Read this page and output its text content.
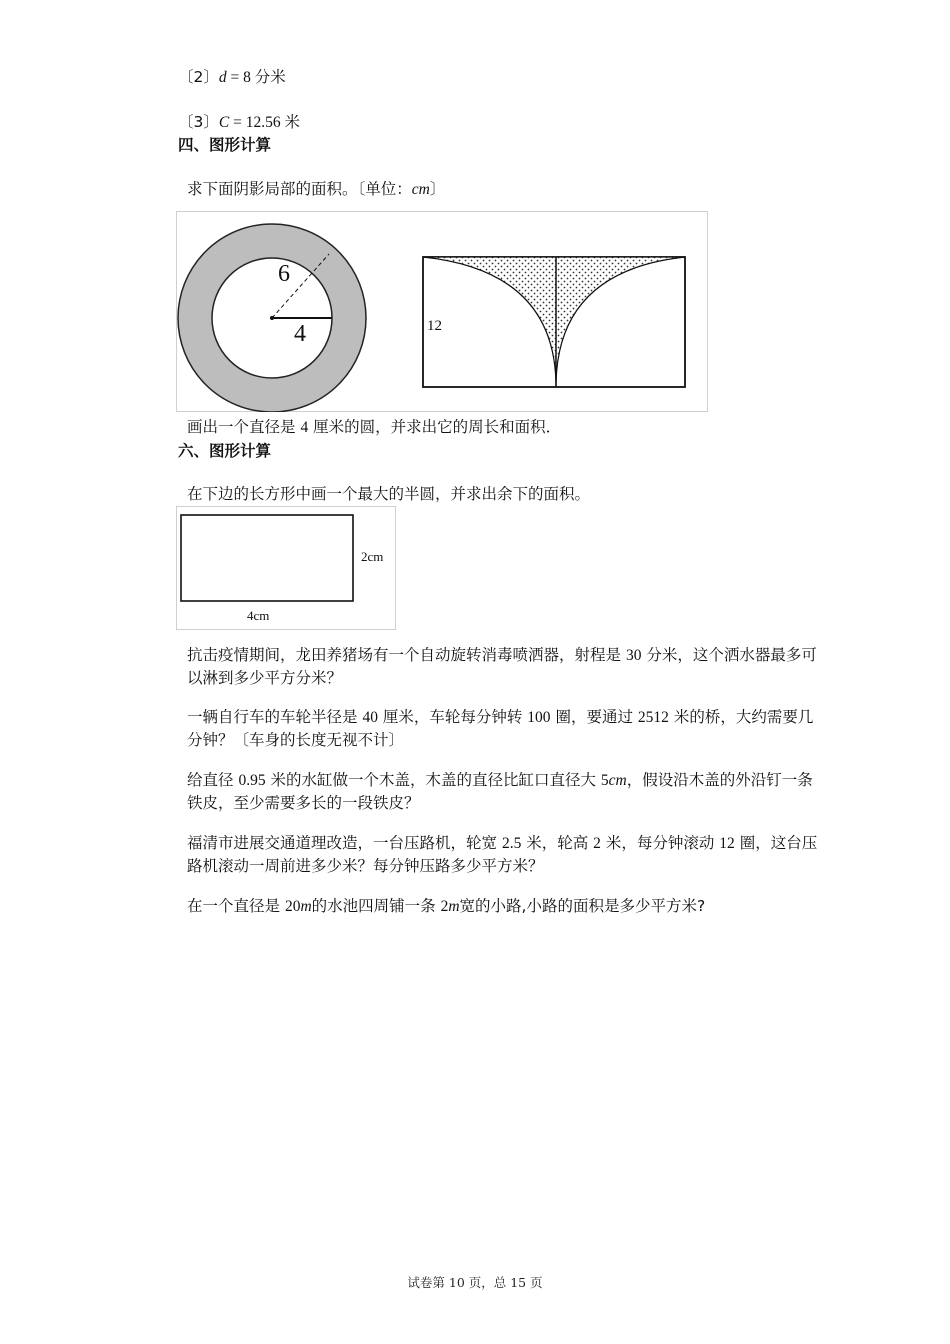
〔2〕d = 8 分米
〔3〕C = 12.56 米
四、图形计算
求下面阴影局部的面积。〔单位：cm〕
6
4	12
画出一个直径是 4 厘米的圆，并求出它的周长和面积．
六、图形计算
在下边的长方形中画一个最大的半圆，并求出余下的面积。
2cm
4cm
抗击疫情期间，龙田养猪场有一个自动旋转消毒喷洒器，射程是 30 分米，这个洒水器最多可以淋到多少平方分米？
一辆自行车的车轮半径是 40 厘米，车轮每分钟转 100 圈，要通过 2512 米的桥，大约需要几分钟？〔车身的长度无视不计〕
给直径 0.95 米的水缸做一个木盖，木盖的直径比缸口直径大 5cm，假设沿木盖的外沿钉一条铁皮，至少需要多长的一段铁皮？
福清市进展交通道理改造，一台压路机，轮宽 2.5 米，轮高 2 米，每分钟滚动 12 圈，这台压路机滚动一周前进多少米？每分钟压路多少平方米？
在一个直径是 20m的水池四周铺一条 2m宽的小路,小路的面积是多少平方米?
试卷第 10 页，总 15 页
